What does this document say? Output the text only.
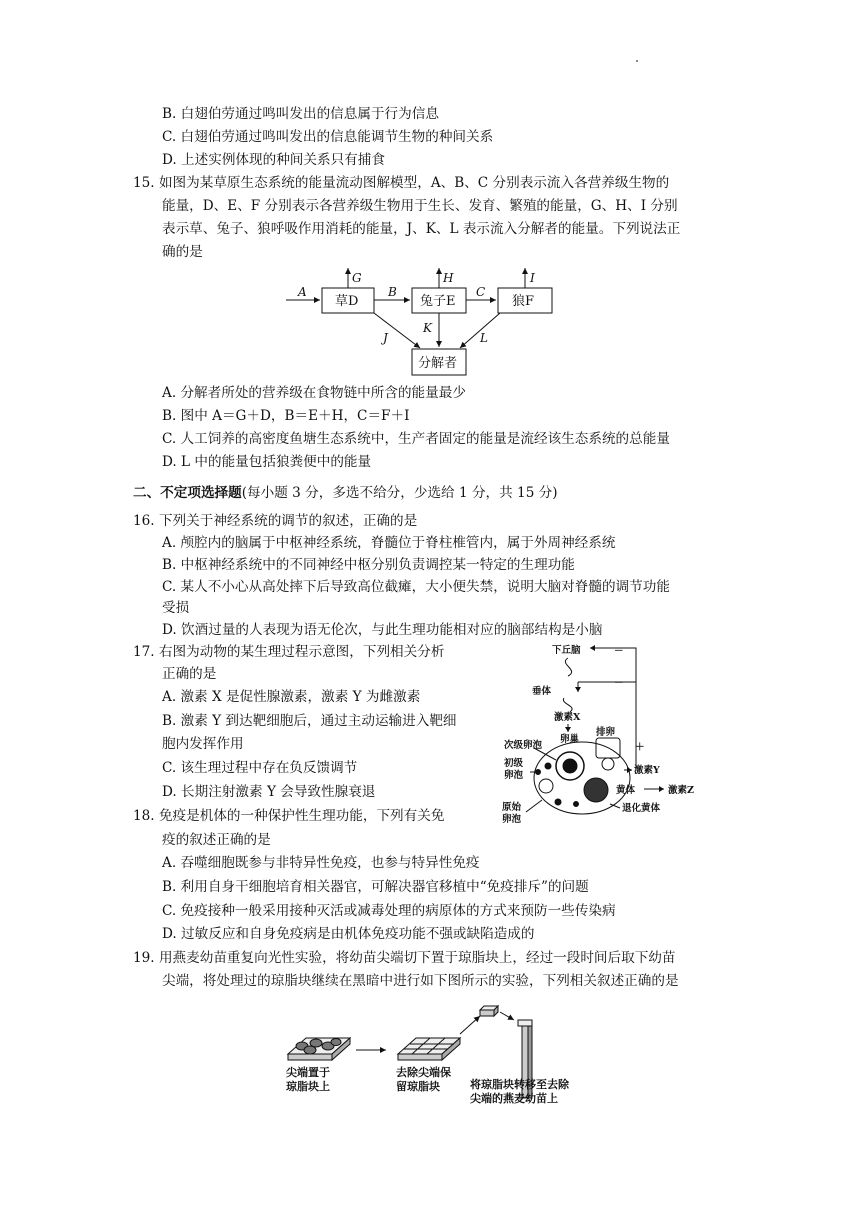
B. 白翅伯劳通过鸣叫发出的信息属于行为信息
C. 白翅伯劳通过鸣叫发出的信息能调节生物的种间关系
D. 上述实例体现的种间关系只有捕食
15. 如图为某草原生态系统的能量流动图解模型，A、B、C 分别表示流入各营养级生物的
能量，D、E、F 分别表示各营养级生物用于生长、发育、繁殖的能量，G、H、I 分别
表示草、兔子、狼呼吸作用消耗的能量，J、K、L 表示流入分解者的能量。下列说法正
确的是
草D	兔子E	狼F
分解者
A	B	C
G	H	I
J
K
L
A. 分解者所处的营养级在食物链中所含的能量最少
B. 图中 A＝G＋D，B＝E＋H，C＝F＋I
C. 人工饲养的高密度鱼塘生态系统中，生产者固定的能量是流经该生态系统的总能量
D. L 中的能量包括狼粪便中的能量
二、不定项选择题(每小题 3 分，多选不给分，少选给 1 分，共 15 分)
16. 下列关于神经系统的调节的叙述，正确的是
A. 颅腔内的脑属于中枢神经系统，脊髓位于脊柱椎管内，属于外周神经系统
B. 中枢神经系统中的不同神经中枢分别负责调控某一特定的生理功能
C. 某人不小心从高处摔下后导致高位截瘫，大小便失禁，说明大脑对脊髓的调节功能
受损
D. 饮酒过量的人表现为语无伦次，与此生理功能相对应的脑部结构是小脑
17. 右图为动物的某生理过程示意图，下列相关分析
正确的是
A. 激素 X 是促性腺激素，激素 Y 为雌激素
B. 激素 Y 到达靶细胞后，通过主动运输进入靶细
胞内发挥作用
C. 该生理过程中存在负反馈调节
D. 长期注射激素 Y 会导致性腺衰退
下丘脑
垂体
激素X
卵巢
排卵
次级卵泡
初级
卵泡
原始
卵泡
激素Y
黄体	激素Z
退化黄体
－
－
＋
18. 免疫是机体的一种保护性生理功能，下列有关免
疫的叙述正确的是
A. 吞噬细胞既参与非特异性免疫，也参与特异性免疫
B. 利用自身干细胞培育相关器官，可解决器官移植中“免疫排斥”的问题
C. 免疫接种一般采用接种灭活或减毒处理的病原体的方式来预防一些传染病
D. 过敏反应和自身免疫病是由机体免疫功能不强或缺陷造成的
19. 用燕麦幼苗重复向光性实验，将幼苗尖端切下置于琼脂块上，经过一段时间后取下幼苗
尖端，将处理过的琼脂块继续在黑暗中进行如下图所示的实验，下列相关叙述正确的是
尖端置于
琼脂块上
去除尖端保
留琼脂块	将琼脂块转移至去除
尖端的燕麦幼苗上
